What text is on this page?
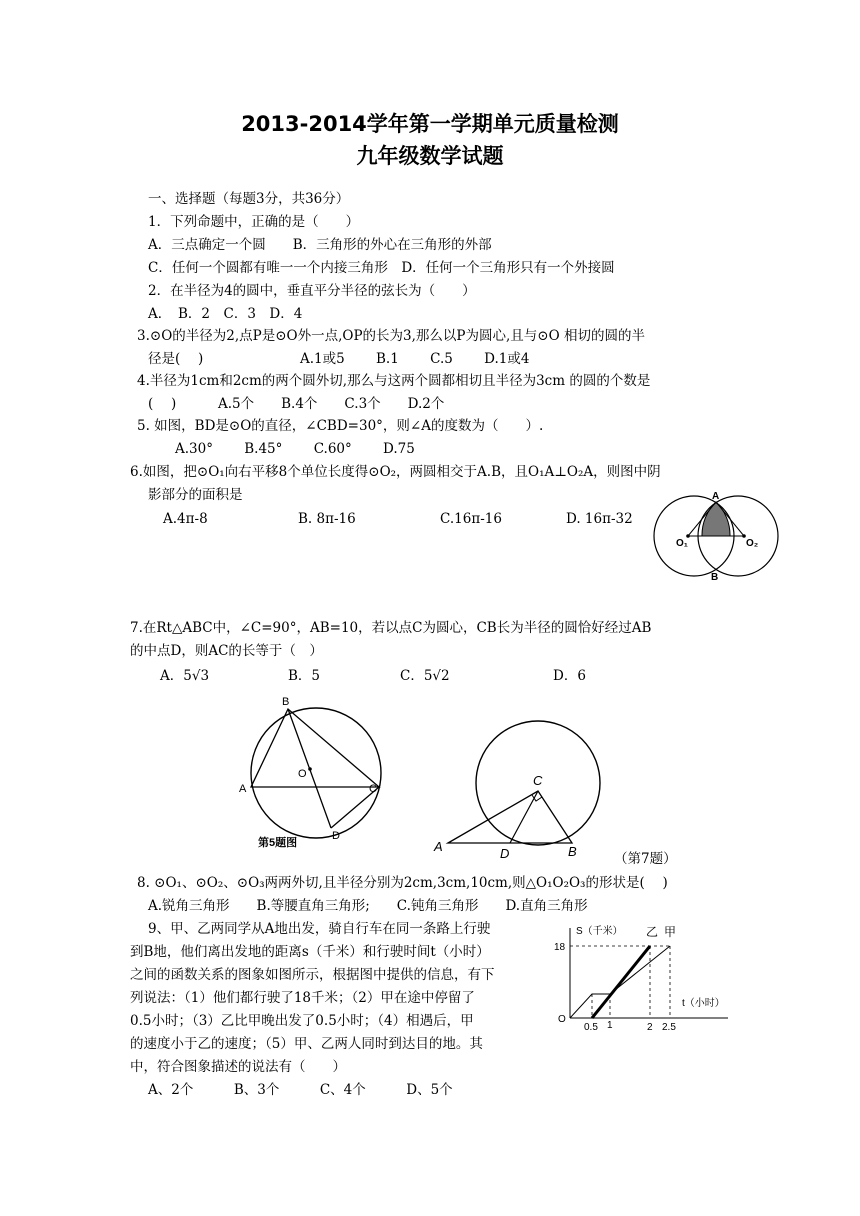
2013-2014学年第一学期单元质量检测
九年级数学试题
一、选择题（每题3分，共36分）
1．下列命题中，正确的是（　　）
A．三点确定一个圆　　B．三角形的外心在三角形的外部
C．任何一个圆都有唯一一个内接三角形　D．任何一个三角形只有一个外接圆
2．在半径为4的圆中，垂直平分半径的弦长为（　　）
A．　B．2　C．3　D．4
3.⊙O的半径为2,点P是⊙O外一点,OP的长为3,那么以P为圆心,且与⊙O 相切的圆的半
径是(　 )	A.1或5　　 B.1　　 C.5　　 D.1或4
4.半径为1cm和2cm的两个圆外切,那么与这两个圆都相切且半径为3cm 的圆的个数是
(　 )	A.5个　　B.4个　　C.3个　　D.2个
5. 如图，BD是⊙O的直径，∠CBD=30°，则∠A的度数为（　　）.
A.30°　　 B.45°　　 C.60°　　 D.75
6.如图，把⊙O₁向右平移8个单位长度得⊙O₂，两圆相交于A.B，且O₁A⊥O₂A，则图中阴
影部分的面积是
A.4π-8	B. 8π-16	C.16π-16	D. 16π-32
A
B
O₁	O₂
7.在Rt△ABC中，∠C=90°，AB=10，若以点C为圆心，CB长为半径的圆恰好经过AB
的中点D，则AC的长等于（　）
A．5√3	B．5	C．5√2	D．6
B
A	C
O
D
第5题图
C
A	D	B	（第7题）
8. ⊙O₁、⊙O₂、⊙O₃两两外切,且半径分别为2cm,3cm,10cm,则△O₁O₂O₃的形状是(　 )
A.锐角三角形　　B.等腰直角三角形;　　C.钝角三角形　　D.直角三角形
9、甲、乙两同学从A地出发，骑自行车在同一条路上行驶
到B地，他们离出发地的距离s（千米）和行驶时间t（小时）
之间的函数关系的图象如图所示，根据图中提供的信息，有下
列说法：（1）他们都行驶了18千米；（2）甲在途中停留了
0.5小时；（3）乙比甲晚出发了0.5小时；（4）相遇后，甲
的速度小于乙的速度；（5）甲、乙两人同时到达目的地。其
中，符合图象描述的说法有（　　）
A、2个　　　B、3个　　　C、4个　　　D、5个
S（千米） 乙 甲
18
t（小时）
O
0.5 1	2 2.5
